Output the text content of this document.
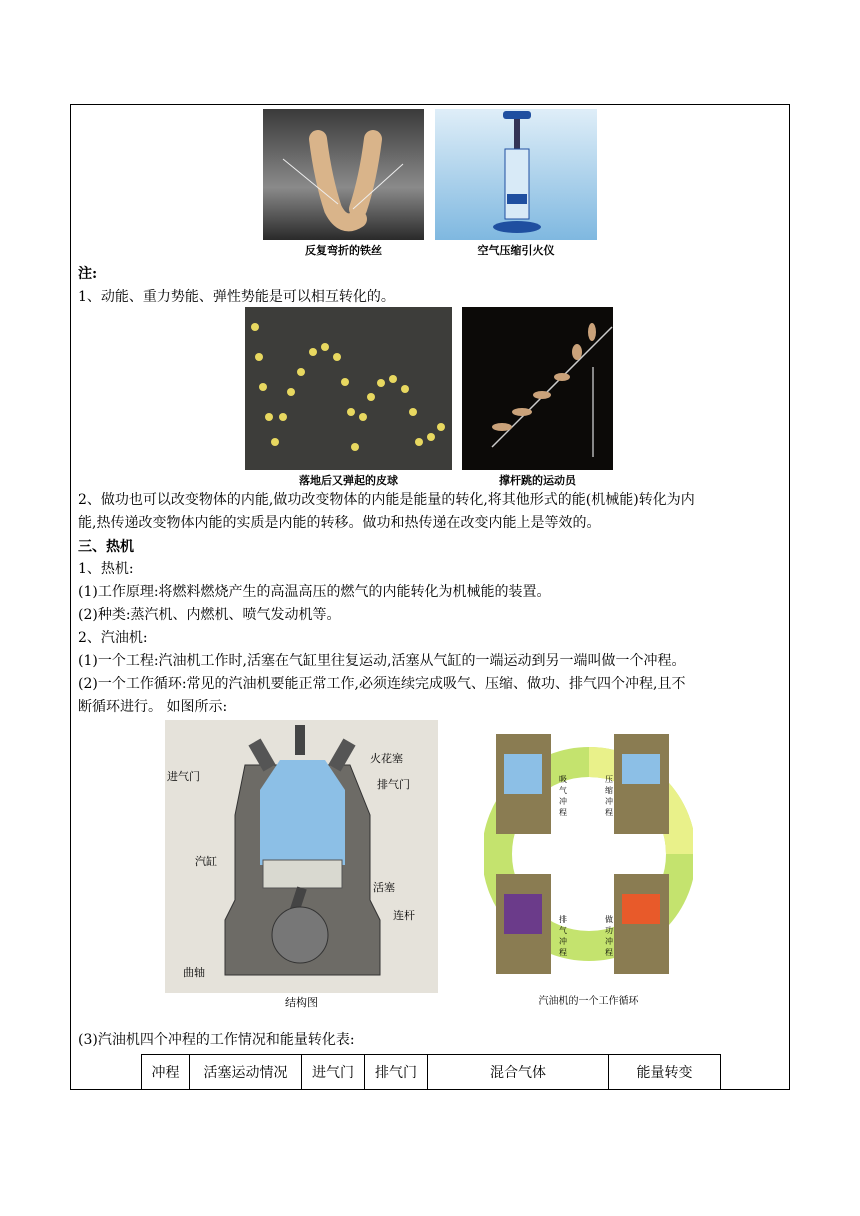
反复弯折的铁丝	空气压缩引火仪
注:
1、动能、重力势能、弹性势能是可以相互转化的。
落地后又弹起的皮球	撑杆跳的运动员
2、做功也可以改变物体的内能,做功改变物体的内能是能量的转化,将其他形式的能(机械能)转化为内
能,热传递改变物体内能的实质是内能的转移。做功和热传递在改变内能上是等效的。
三、热机
1、热机:
(1)工作原理:将燃料燃烧产生的高温高压的燃气的内能转化为机械能的装置。
(2)种类:蒸汽机、内燃机、喷气发动机等。
2、汽油机:
(1)一个工程:汽油机工作时,活塞在气缸里往复运动,活塞从气缸的一端运动到另一端叫做一个冲程。
(2)一个工作循环:常见的汽油机要能正常工作,必须连续完成吸气、压缩、做功、排气四个冲程,且不
断循环进行。 如图所示:
火花塞
进气门
排气门
汽缸
活塞
连杆
曲轴
结构图
吸气冲程
压缩冲程
排气冲程
做功冲程
汽油机的一个工作循环
(3)汽油机四个冲程的工作情况和能量转化表:
冲程	活塞运动情况	进气门	排气门	混合气体	能量转变
